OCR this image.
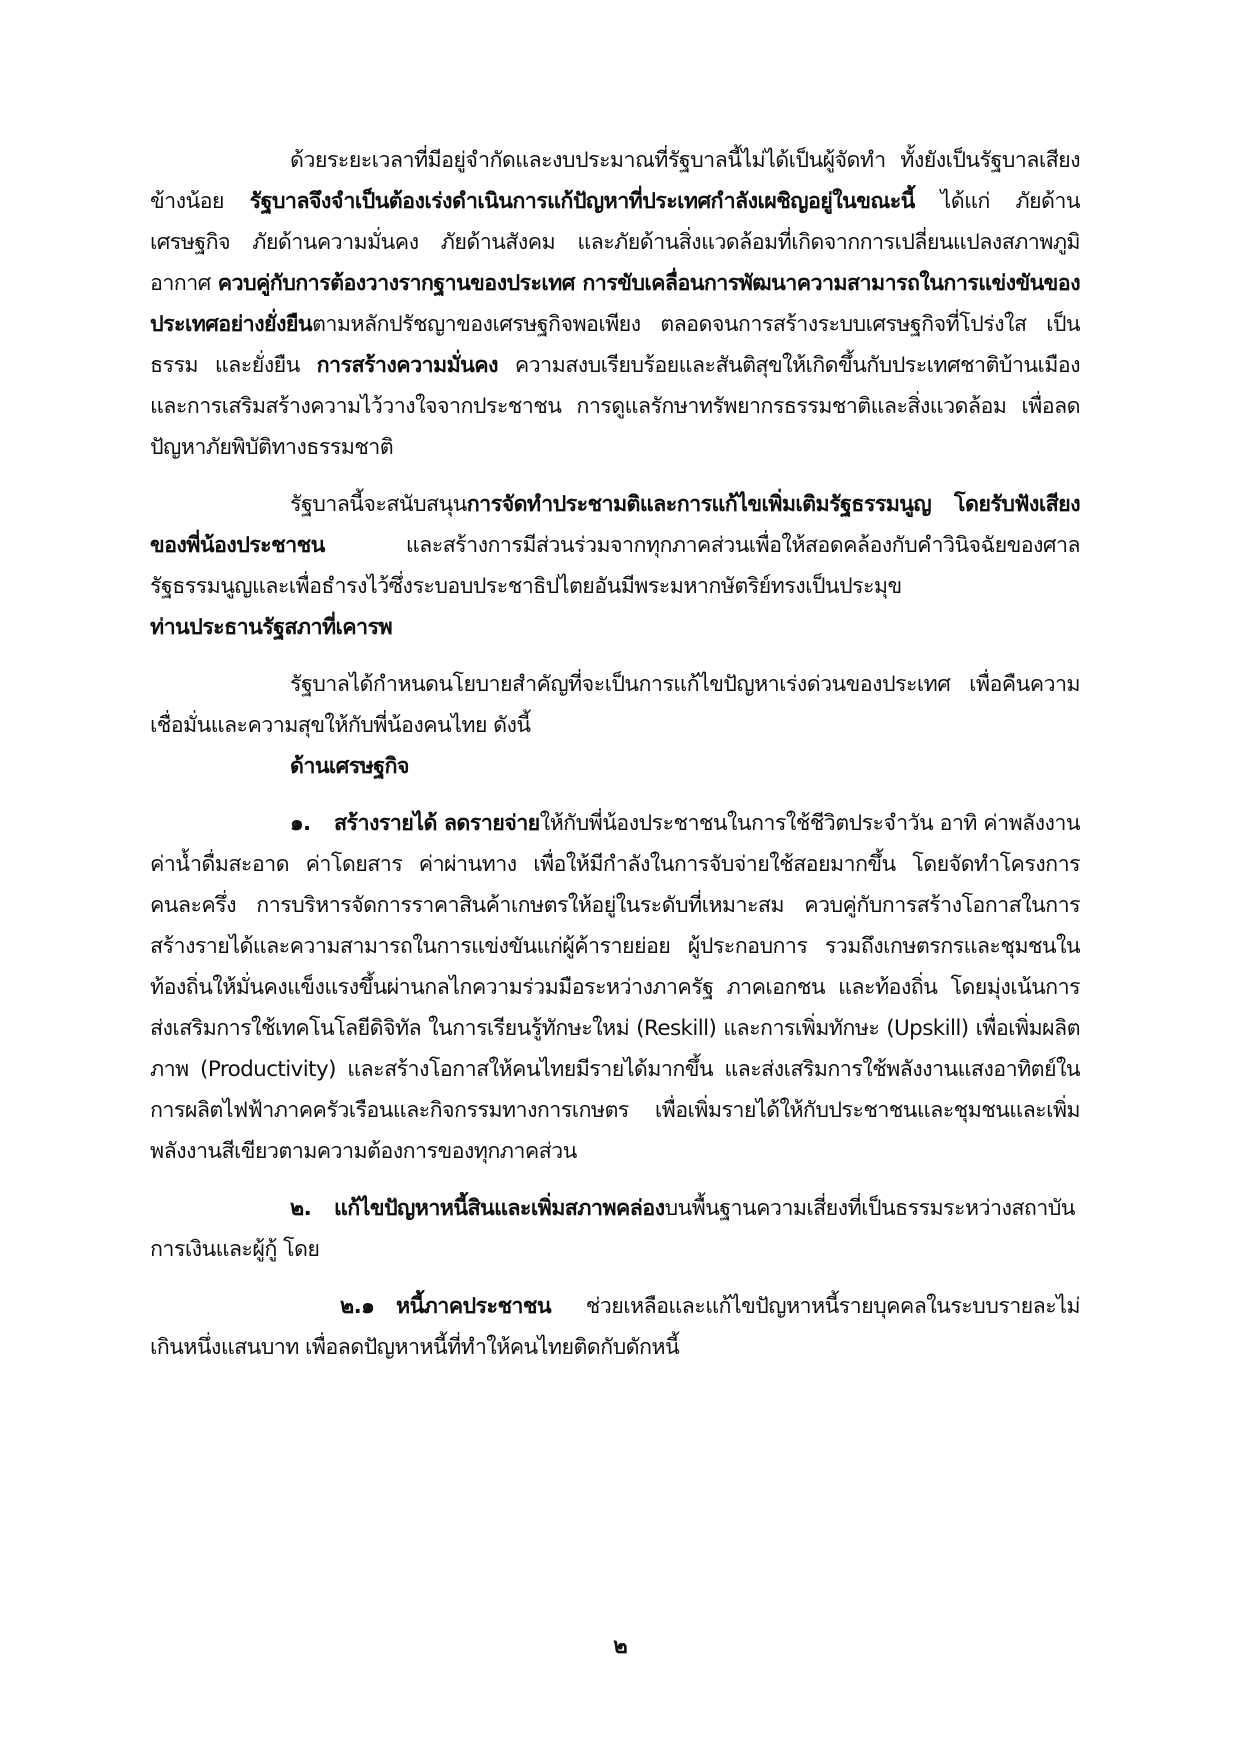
ด้วยระยะเวลาที่มีอยู่จำกัดและงบประมาณที่รัฐบาลนี้ไม่ได้เป็นผู้จัดทำ ทั้งยังเป็นรัฐบาลเสียงข้างน้อย รัฐบาลจึงจำเป็นต้องเร่งดำเนินการแก้ปัญหาที่ประเทศกำลังเผชิญอยู่ในขณะนี้ ได้แก่ ภัยด้านเศรษฐกิจ ภัยด้านความมั่นคง ภัยด้านสังคม และภัยด้านสิ่งแวดล้อมที่เกิดจากการเปลี่ยนแปลงสภาพภูมิอากาศ ควบคู่กับการต้องวางรากฐานของประเทศ การขับเคลื่อนการพัฒนาความสามารถในการแข่งขันของประเทศอย่างยั่งยืนตามหลักปรัชญาของเศรษฐกิจพอเพียง ตลอดจนการสร้างระบบเศรษฐกิจที่โปร่งใส เป็นธรรม และยั่งยืน การสร้างความมั่นคง ความสงบเรียบร้อยและสันติสุขให้เกิดขึ้นกับประเทศชาติบ้านเมือง และการเสริมสร้างความไว้วางใจจากประชาชน การดูแลรักษาทรัพยากรธรรมชาติและสิ่งแวดล้อม เพื่อลดปัญหาภัยพิบัติทางธรรมชาติ

รัฐบาลนี้จะสนับสนุนการจัดทำประชามติและการแก้ไขเพิ่มเติมรัฐธรรมนูญ โดยรับฟังเสียงของพี่น้องประชาชน และสร้างการมีส่วนร่วมจากทุกภาคส่วนเพื่อให้สอดคล้องกับคำวินิจฉัยของศาลรัฐธรรมนูญและเพื่อธำรงไว้ซึ่งระบอบประชาธิปไตยอันมีพระมหากษัตริย์ทรงเป็นประมุข

ท่านประธานรัฐสภาที่เคารพ

รัฐบาลได้กำหนดนโยบายสำคัญที่จะเป็นการแก้ไขปัญหาเร่งด่วนของประเทศ เพื่อคืนความเชื่อมั่นและความสุขให้กับพี่น้องคนไทย ดังนี้

ด้านเศรษฐกิจ

๑. สร้างรายได้ ลดรายจ่ายให้กับพี่น้องประชาชนในการใช้ชีวิตประจำวัน อาทิ ค่าพลังงาน ค่าน้ำดื่มสะอาด ค่าโดยสาร ค่าผ่านทาง เพื่อให้มีกำลังในการจับจ่ายใช้สอยมากขึ้น โดยจัดทำโครงการคนละครึ่ง การบริหารจัดการราคาสินค้าเกษตรให้อยู่ในระดับที่เหมาะสม ควบคู่กับการสร้างโอกาสในการสร้างรายได้และความสามารถในการแข่งขันแก่ผู้ค้ารายย่อย ผู้ประกอบการ รวมถึงเกษตรกรและชุมชนในท้องถิ่นให้มั่นคงแข็งแรงขึ้นผ่านกลไกความร่วมมือระหว่างภาครัฐ ภาคเอกชน และท้องถิ่น โดยมุ่งเน้นการส่งเสริมการใช้เทคโนโลยีดิจิทัล ในการเรียนรู้ทักษะใหม่ (Reskill) และการเพิ่มทักษะ (Upskill) เพื่อเพิ่มผลิตภาพ (Productivity) และสร้างโอกาสให้คนไทยมีรายได้มากขึ้น และส่งเสริมการใช้พลังงานแสงอาทิตย์ในการผลิตไฟฟ้าภาคครัวเรือนและกิจกรรมทางการเกษตร เพื่อเพิ่มรายได้ให้กับประชาชนและชุมชนและเพิ่มพลังงานสีเขียวตามความต้องการของทุกภาคส่วน

๒. แก้ไขปัญหาหนี้สินและเพิ่มสภาพคล่องบนพื้นฐานความเสี่ยงที่เป็นธรรมระหว่างสถาบันการเงินและผู้กู้ โดย

๒.๑ หนี้ภาคประชาชน ช่วยเหลือและแก้ไขปัญหาหนี้รายบุคคลในระบบรายละไม่เกินหนึ่งแสนบาท เพื่อลดปัญหาหนี้ที่ทำให้คนไทยติดกับดักหนี้

๒
